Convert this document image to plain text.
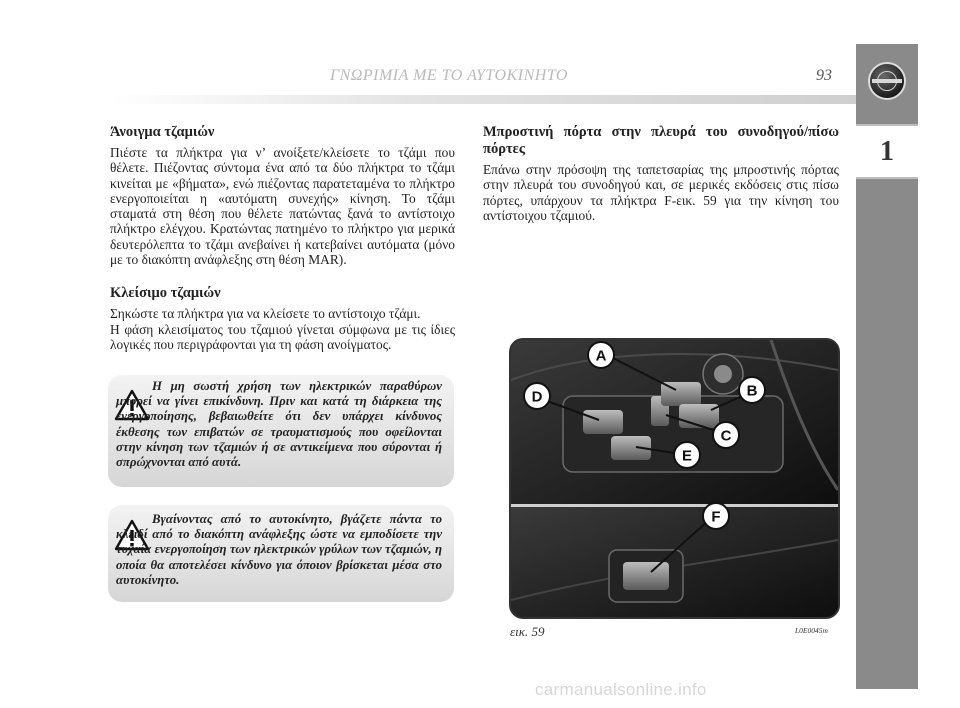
ΓΝΩΡΙΜΙΑ ΜΕ ΤΟ ΑΥΤΟΚΙΝΗΤΟ	93
1

Άνοιγμα τζαμιών

Πιέστε τα πλήκτρα για ν’ ανοίξετε/κλείσετε το τζάμι που θέλετε. Πιέζοντας σύντομα ένα από τα δύο πλήκτρα το τζάμι κινείται με «βήματα», ενώ πιέζοντας παρατεταμένα το πλήκτρο ενεργοποιείται η «αυτόματη συνεχής» κίνηση. Το τζάμι σταματά στη θέση που θέλετε πατώντας ξανά το αντίστοιχο πλήκτρο ελέγχου. Κρατώντας πατημένο το πλήκτρο για μερικά δευτερόλεπτα το τζάμι ανεβαίνει ή κατεβαίνει αυτόματα (μόνο με το διακόπτη ανάφλεξης στη θέση MAR).

Κλείσιμο τζαμιών

Σηκώστε τα πλήκτρα για να κλείσετε το αντίστοιχο τζάμι.

Η φάση κλεισίματος του τζαμιού γίνεται σύμφωνα με τις ίδιες λογικές που περιγράφονται για τη φάση ανοίγματος.

Η μη σωστή χρήση των ηλεκτρικών παραθύρων μπορεί να γίνει επικίνδυνη. Πριν και κατά τη διάρκεια της ενεργοποίησης, βεβαιωθείτε ότι δεν υπάρχει κίνδυνος έκθεσης των επιβατών σε τραυματισμούς που οφείλονται στην κίνηση των τζαμιών ή σε αντικείμενα που σύρονται ή σπρώχνονται από αυτά.
Βγαίνοντας από το αυτοκίνητο, βγάζετε πάντα το κλειδί από το διακόπτη ανάφλεξης ώστε να εμποδίσετε την τυχαία ενεργοποίηση των ηλεκτρικών γρύλων των τζαμιών, η οποία θα αποτελέσει κίνδυνο για όποιον βρίσκεται μέσα στο αυτοκίνητο.

Μπροστινή πόρτα στην πλευρά του συνοδηγού/πίσω πόρτες

Επάνω στην πρόσοψη της ταπετσαρίας της μπροστινής πόρτας στην πλευρά του συνοδηγού και, σε μερικές εκδόσεις στις πίσω πόρτες, υπάρχουν τα πλήκτρα F-εικ. 59 για την κίνηση του αντίστοιχου τζαμιού.

A
B
C
D
E
F
εικ. 59	L0E0045m
carmanualsonline.info
